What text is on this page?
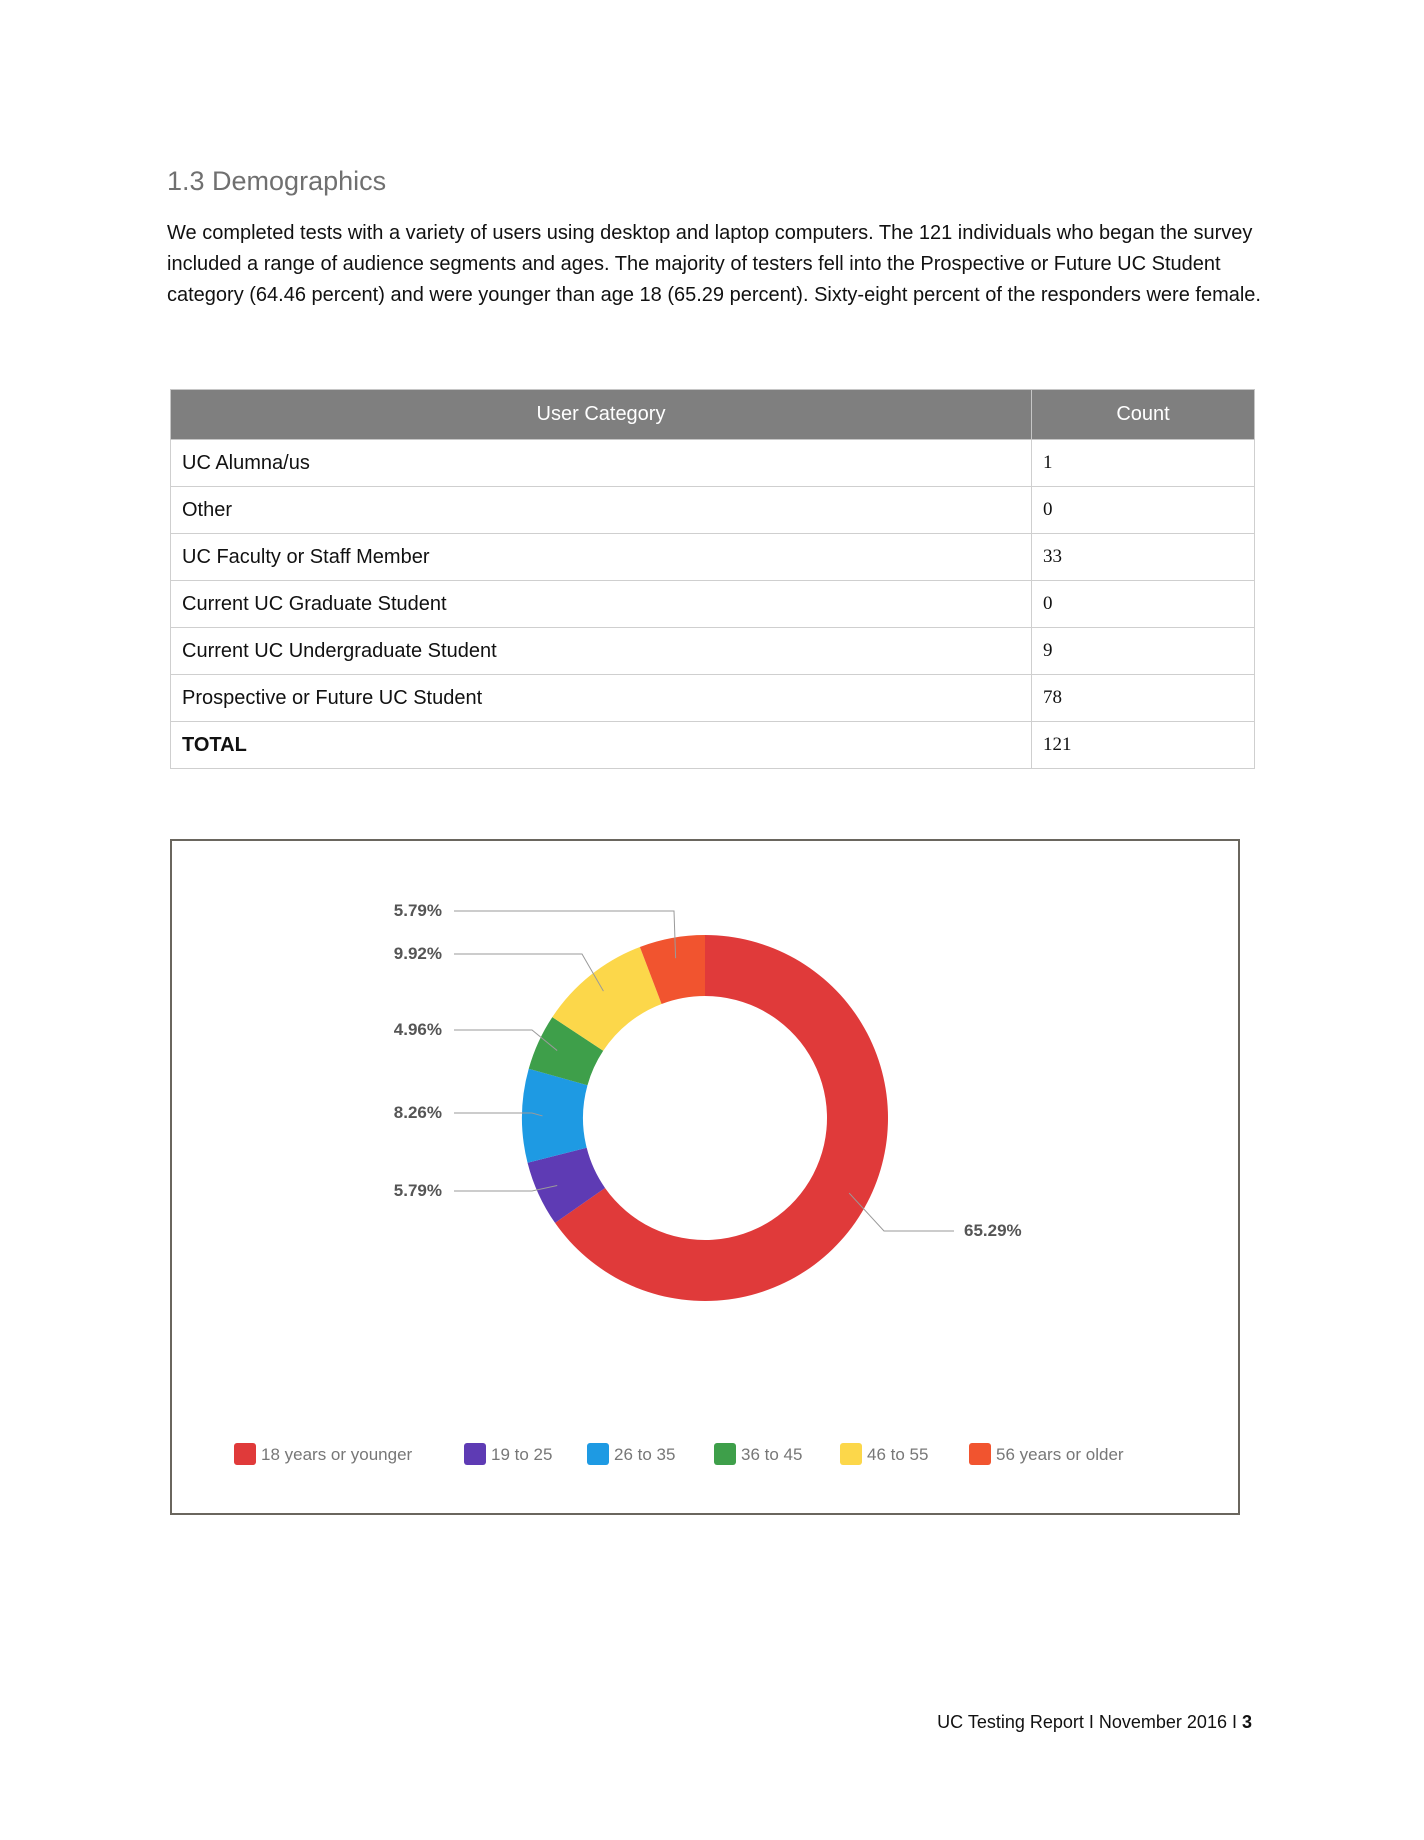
1.3 Demographics

We completed tests with a variety of users using desktop and laptop computers. The 121 individuals who began the survey included a range of audience segments and ages. The majority of testers fell into the Prospective or Future UC Student category (64.46 percent) and were younger than age 18 (65.29 percent). Sixty-eight percent of the responders were female.

User Category	Count
UC Alumna/us	1
Other	0
UC Faculty or Staff Member	33
Current UC Graduate Student	0
Current UC Undergraduate Student	9
Prospective or Future UC Student	78
TOTAL	121
65.29%
5.79%
8.26%
4.96%
9.92%
5.79%
18 years or younger	19 to 25	26 to 35	36 to 45	46 to 55	56 years or older
UC Testing Report I November 2016 I 3
